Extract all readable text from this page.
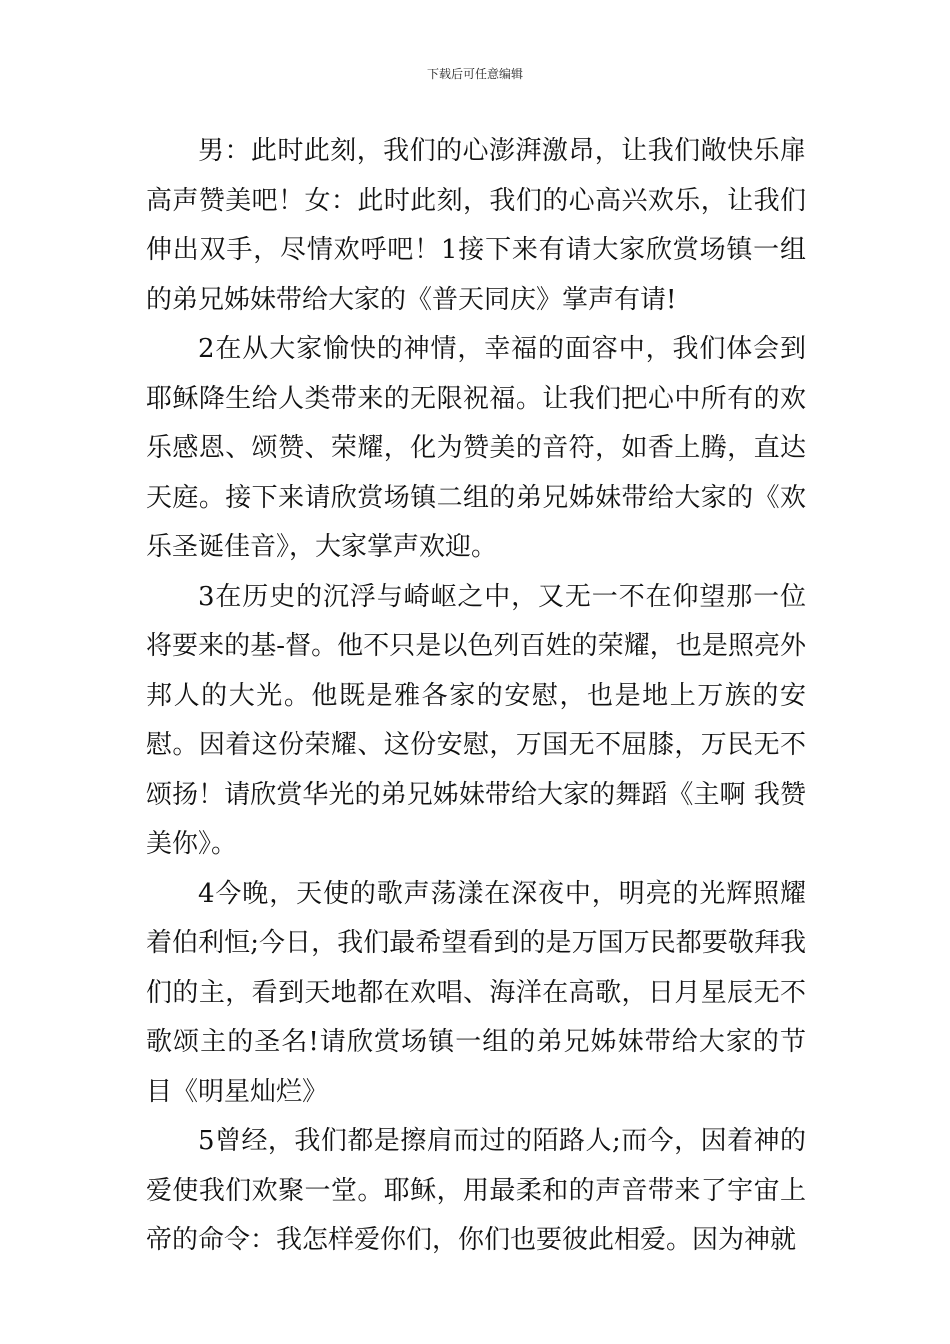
下载后可任意编辑

男：此时此刻，我们的心澎湃激昂，让我们敞快乐扉高声赞美吧！女：此时此刻，我们的心高兴欢乐，让我们伸出双手，尽情欢呼吧！1接下来有请大家欣赏场镇一组的弟兄姊妹带给大家的《普天同庆》掌声有请!

2在从大家愉快的神情，幸福的面容中，我们体会到耶稣降生给人类带来的无限祝福。让我们把心中所有的欢乐感恩、颂赞、荣耀，化为赞美的音符，如香上腾，直达天庭。接下来请欣赏场镇二组的弟兄姊妹带给大家的《欢乐圣诞佳音》，大家掌声欢迎。

3在历史的沉浮与崎岖之中，又无一不在仰望那一位将要来的基-督。他不只是以色列百姓的荣耀，也是照亮外邦人的大光。他既是雅各家的安慰，也是地上万族的安慰。因着这份荣耀、这份安慰，万国无不屈膝，万民无不颂扬！请欣赏华光的弟兄姊妹带给大家的舞蹈《主啊 我赞美你》。

4今晚，天使的歌声荡漾在深夜中，明亮的光辉照耀着伯利恒;今日，我们最希望看到的是万国万民都要敬拜我们的主，看到天地都在欢唱、海洋在高歌，日月星辰无不歌颂主的圣名!请欣赏场镇一组的弟兄姊妹带给大家的节目《明星灿烂》

5曾经，我们都是擦肩而过的陌路人;而今，因着神的爱使我们欢聚一堂。耶稣，用最柔和的声音带来了宇宙上帝的命令：我怎样爱你们，你们也要彼此相爱。因为神就
